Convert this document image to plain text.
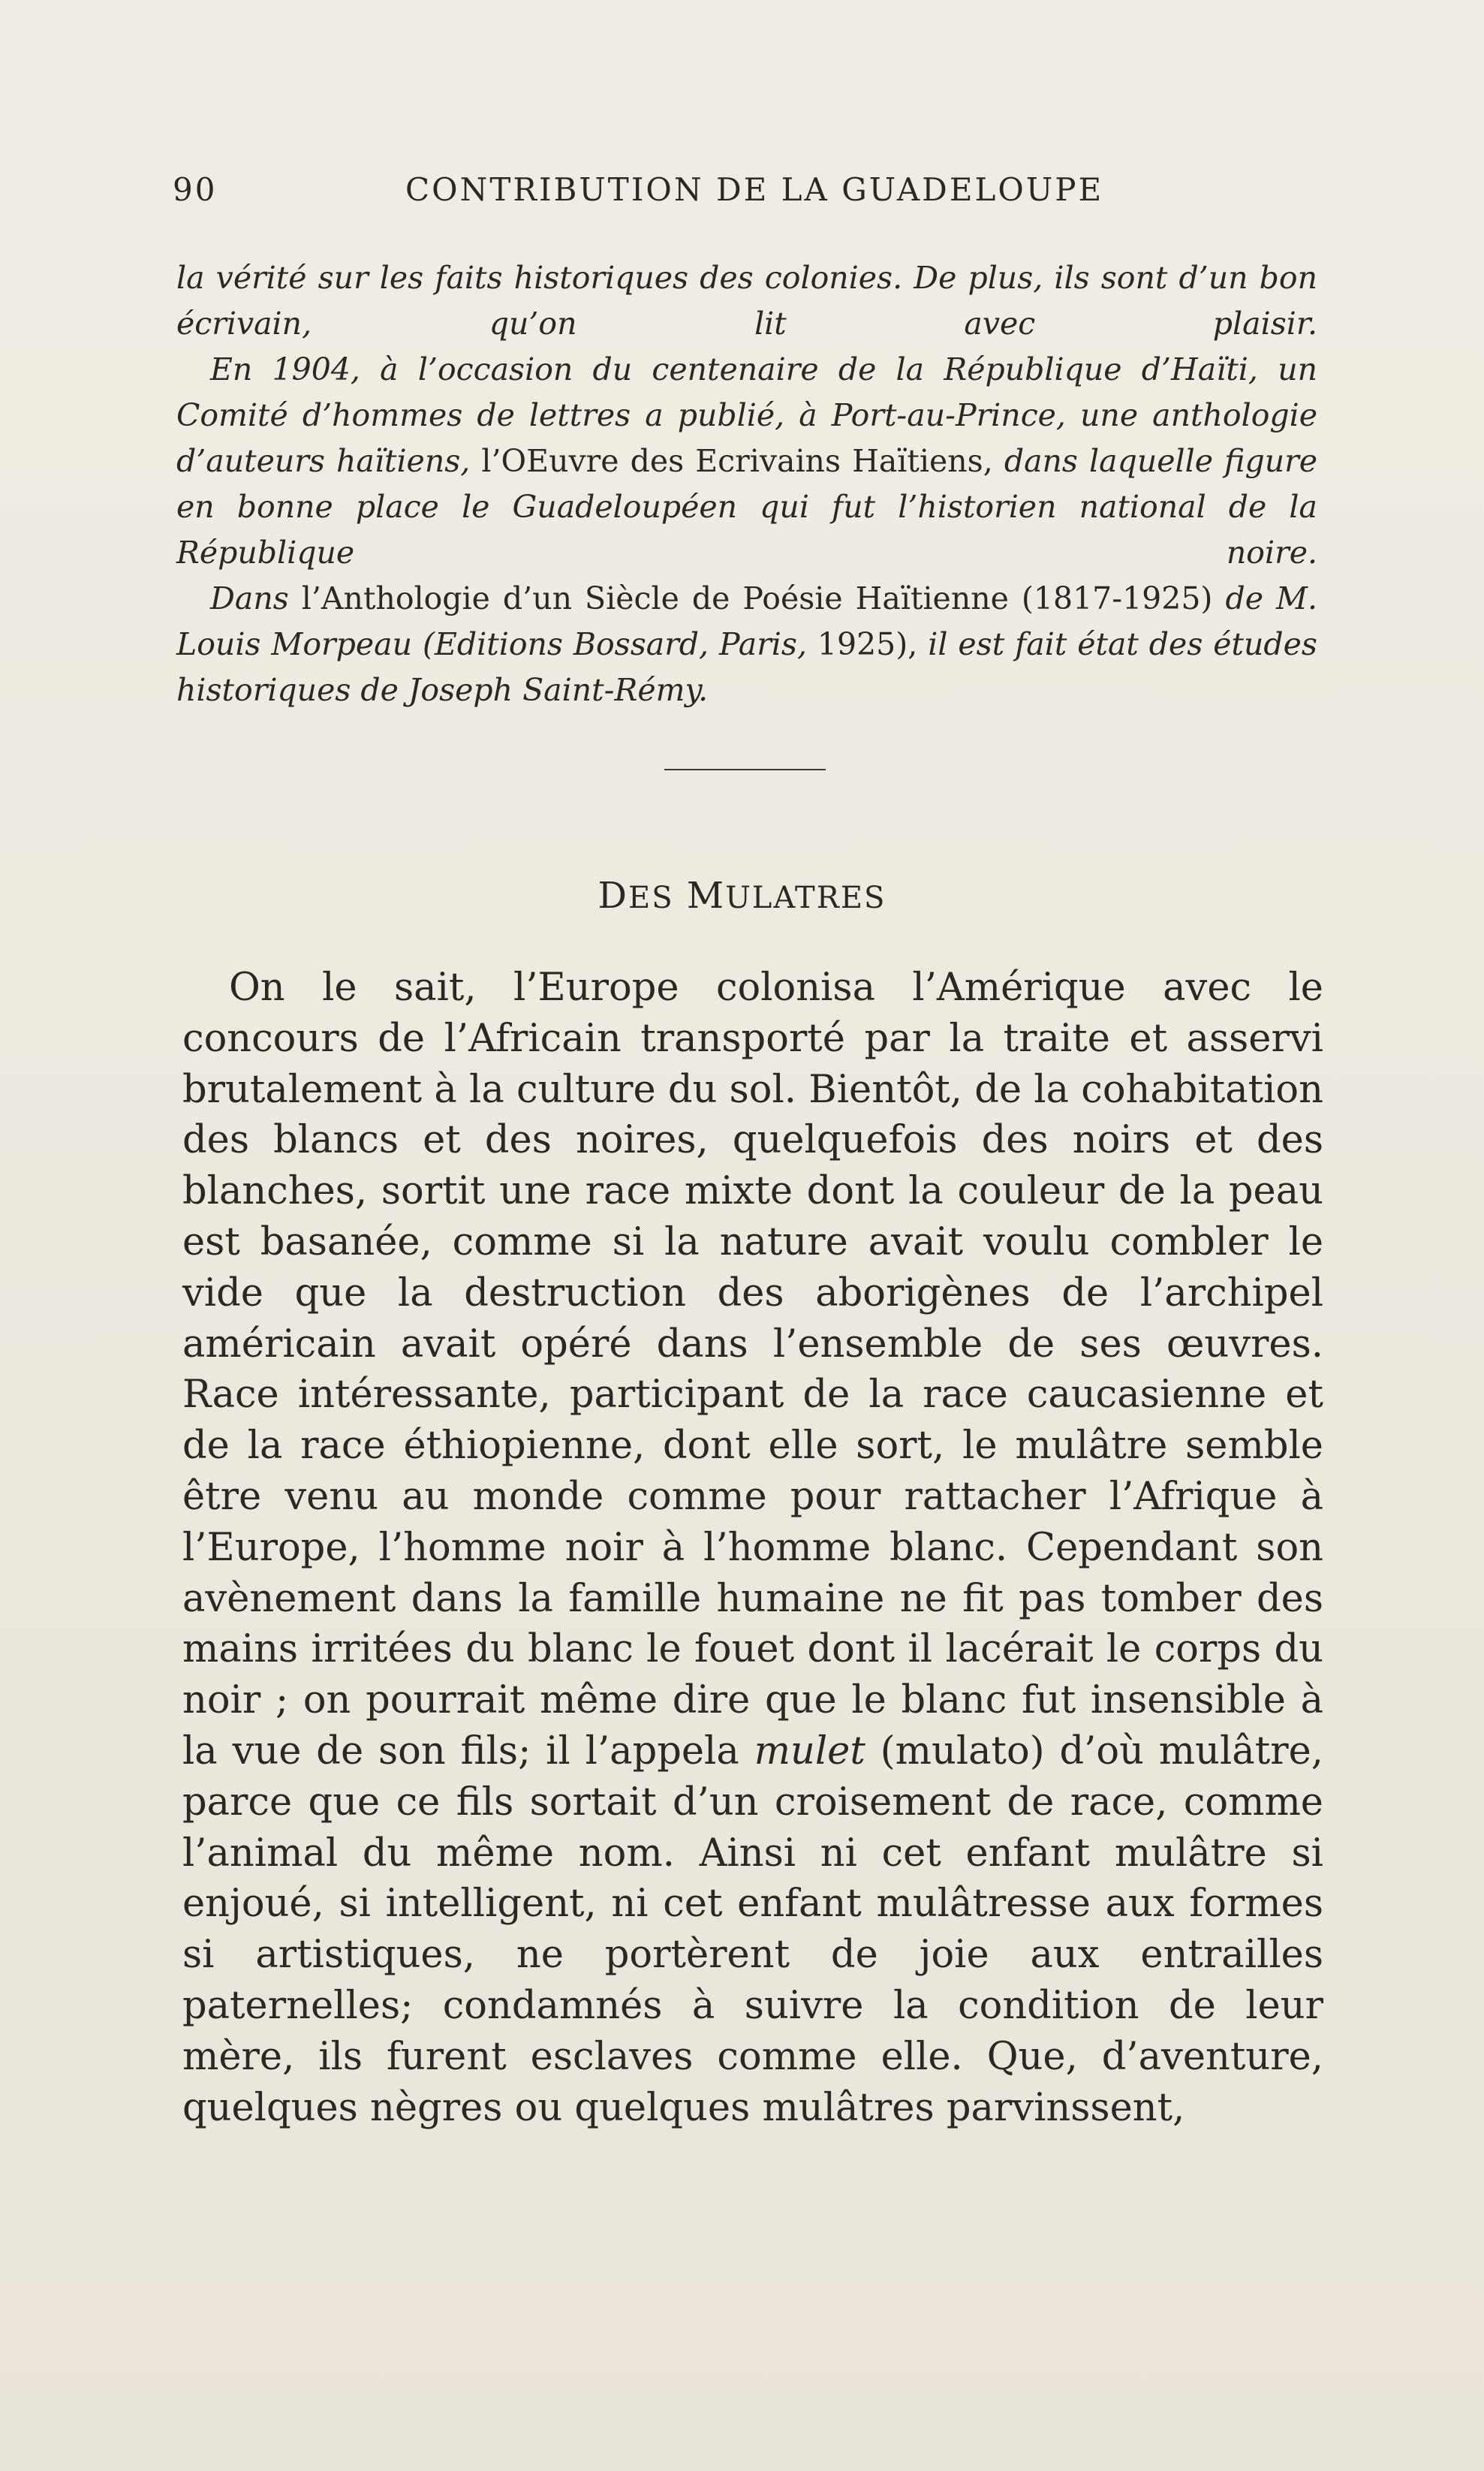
90	CONTRIBUTION DE LA GUADELOUPE

la vérité sur les faits historiques des colonies. De plus, ils sont d’un bon écrivain, qu’on lit avec plaisir.

En 1904, à l’occasion du centenaire de la République d’Haïti, un Comité d’hommes de lettres a publié, à Port-au-Prince, une anthologie d’auteurs haïtiens, l’OEuvre des Ecrivains Haïtiens, dans laquelle figure en bonne place le Guadeloupéen qui fut l’historien national de la République noire.

Dans l’Anthologie d’un Siècle de Poésie Haïtienne (1817-1925) de M. Louis Morpeau (Editions Bossard, Paris, 1925), il est fait état des études historiques de Joseph Saint-Rémy.

DES MULATRES

On le sait, l’Europe colonisa l’Amérique avec le concours de l’Africain transporté par la traite et asservi brutalement à la culture du sol. Bientôt, de la cohabitation des blancs et des noires, quelquefois des noirs et des blanches, sortit une race mixte dont la couleur de la peau est basanée, comme si la nature avait voulu combler le vide que la destruction des aborigènes de l’archipel américain avait opéré dans l’ensemble de ses œuvres. Race intéressante, participant de la race caucasienne et de la race éthiopienne, dont elle sort, le mulâtre semble être venu au monde comme pour rattacher l’Afrique à l’Europe, l’homme noir à l’homme blanc. Cependant son avènement dans la famille humaine ne fit pas tomber des mains irritées du blanc le fouet dont il lacérait le corps du noir ; on pourrait même dire que le blanc fut insensible à la vue de son fils; il l’appela mulet (mulato) d’où mulâtre, parce que ce fils sortait d’un croisement de race, comme l’animal du même nom. Ainsi ni cet enfant mulâtre si enjoué, si intelligent, ni cet enfant mulâtresse aux formes si artistiques, ne portèrent de joie aux entrailles paternelles; condamnés à suivre la condition de leur mère, ils furent esclaves comme elle. Que, d’aventure, quelques nègres ou quelques mulâtres parvinssent,
